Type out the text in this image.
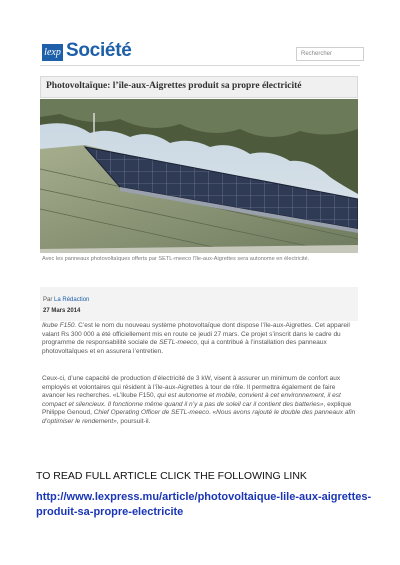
lexp Société	Rechercher
Photovoltaïque: l’île-aux-Aigrettes produit sa propre électricité
Avec les panneaux photovoltaïques offerts par SETL-meeco l’île-aux-Aigrettes sera autonome en électricité.
Par La Rédaction
27 Mars 2014
Ikube F150. C’est le nom du nouveau système photovoltaïque dont dispose l’île-aux-Aigrettes. Cet appareil valant Rs 300 000 a été officiellement mis en route ce jeudi 27 mars. Ce projet s’inscrit dans le cadre du programme de responsabilité sociale de SETL-meeco, qui a contribué à l’installation des panneaux photovoltaïques et en assurera l’entretien.
Ceux-ci, d’une capacité de production d’électricité de 3 kW, visent à assurer un minimum de confort aux employés et volontaires qui résident à l’île-aux-Aigrettes à tour de rôle. Il permettra également de faire avancer les recherches. «L’Ikube F150, qui est autonome et mobile, convient à cet environnement, il est compact et silencieux. Il fonctionne même quand il n’y a pas de soleil car il contient des batteries», explique Philippe Genoud, Chief Operating Officer de SETL-meeco. «Nous avons rajouté le double des panneaux afin d’optimiser le rendement», poursuit-il.
TO READ FULL ARTICLE CLICK THE FOLLOWING LINK
http://www.lexpress.mu/article/photovoltaique-lile-aux-aigrettes-produit-sa-propre-electricite
